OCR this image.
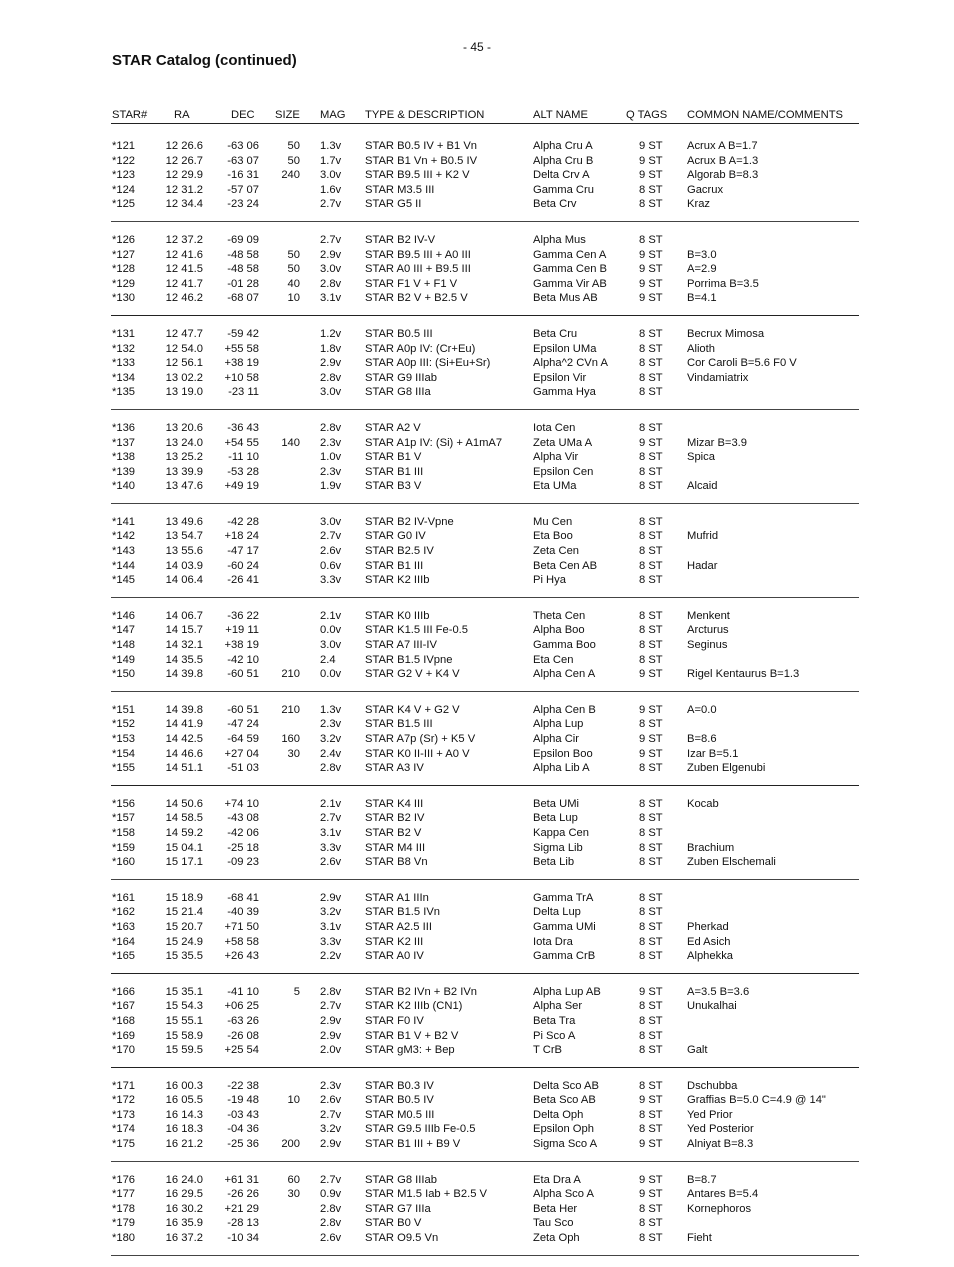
- 45 -
STAR Catalog (continued)
STAR# RA	DEC SIZE MAG TYPE & DESCRIPTION	ALT NAME	Q TAGS COMMON NAME/COMMENTS
*121	12 26.6	-63 06	50 1.3v STAR B0.5 IV + B1 Vn	Alpha Cru A	9 ST Acrux A B=1.7
*122	12 26.7	-63 07	50 1.7v STAR B1 Vn + B0.5 IV	Alpha Cru B	9 ST Acrux B A=1.3
*123	12 29.9	-16 31	240 3.0v STAR B9.5 III + K2 V	Delta Crv A	9 ST Algorab B=8.3
*124	12 31.2	-57 07	1.6v STAR M3.5 III	Gamma Cru	8 ST Gacrux
*125	12 34.4	-23 24	2.7v STAR G5 II	Beta Crv	8 ST Kraz
*126	12 37.2	-69 09	2.7v STAR B2 IV-V	Alpha Mus	8 ST
*127	12 41.6	-48 58	50 2.9v STAR B9.5 III + A0 III	Gamma Cen A	9 ST B=3.0
*128	12 41.5	-48 58	50 3.0v STAR A0 III + B9.5 III	Gamma Cen B	9 ST A=2.9
*129	12 41.7	-01 28	40 2.8v STAR F1 V + F1 V	Gamma Vir AB	9 ST Porrima B=3.5
*130	12 46.2	-68 07	10 3.1v STAR B2 V + B2.5 V	Beta Mus AB	9 ST B=4.1
*131	12 47.7	-59 42	1.2v STAR B0.5 III	Beta Cru	8 ST Becrux Mimosa
*132	12 54.0	+55 58	1.8v STAR A0p IV: (Cr+Eu)	Epsilon UMa	8 ST Alioth
*133	12 56.1	+38 19	2.9v STAR A0p III: (Si+Eu+Sr)	Alpha^2 CVn A	8 ST Cor Caroli B=5.6 F0 V
*134	13 02.2	+10 58	2.8v STAR G9 IIIab	Epsilon Vir	8 ST Vindamiatrix
*135	13 19.0	-23 11	3.0v STAR G8 IIIa	Gamma Hya	8 ST
*136	13 20.6	-36 43	2.8v STAR A2 V	Iota Cen	8 ST
*137	13 24.0	+54 55	140 2.3v STAR A1p IV: (Si) + A1mA7	Zeta UMa A	9 ST Mizar B=3.9
*138	13 25.2	-11 10	1.0v STAR B1 V	Alpha Vir	8 ST Spica
*139	13 39.9	-53 28	2.3v STAR B1 III	Epsilon Cen	8 ST
*140	13 47.6	+49 19	1.9v STAR B3 V	Eta UMa	8 ST Alcaid
*141	13 49.6	-42 28	3.0v STAR B2 IV-Vpne	Mu Cen	8 ST
*142	13 54.7	+18 24	2.7v STAR G0 IV	Eta Boo	8 ST Mufrid
*143	13 55.6	-47 17	2.6v STAR B2.5 IV	Zeta Cen	8 ST
*144	14 03.9	-60 24	0.6v STAR B1 III	Beta Cen AB	8 ST Hadar
*145	14 06.4	-26 41	3.3v STAR K2 IIIb	Pi Hya	8 ST
*146	14 06.7	-36 22	2.1v STAR K0 IIIb	Theta Cen	8 ST Menkent
*147	14 15.7	+19 11	0.0v STAR K1.5 III Fe-0.5	Alpha Boo	8 ST Arcturus
*148	14 32.1	+38 19	3.0v STAR A7 III-IV	Gamma Boo	8 ST Seginus
*149	14 35.5	-42 10	2.4	STAR B1.5 IVpne	Eta Cen	8 ST
*150	14 39.8	-60 51	210 0.0v STAR G2 V + K4 V	Alpha Cen A	9 ST Rigel Kentaurus B=1.3
*151	14 39.8	-60 51	210 1.3v STAR K4 V + G2 V	Alpha Cen B	9 ST A=0.0
*152	14 41.9	-47 24	2.3v STAR B1.5 III	Alpha Lup	8 ST
*153	14 42.5	-64 59	160 3.2v STAR A7p (Sr) + K5 V	Alpha Cir	9 ST B=8.6
*154	14 46.6	+27 04	30 2.4v STAR K0 II-III + A0 V	Epsilon Boo	9 ST Izar B=5.1
*155	14 51.1	-51 03	2.8v STAR A3 IV	Alpha Lib A	8 ST Zuben Elgenubi
*156	14 50.6	+74 10	2.1v STAR K4 III	Beta UMi	8 ST Kocab
*157	14 58.5	-43 08	2.7v STAR B2 IV	Beta Lup	8 ST
*158	14 59.2	-42 06	3.1v STAR B2 V	Kappa Cen	8 ST
*159	15 04.1	-25 18	3.3v STAR M4 III	Sigma Lib	8 ST Brachium
*160	15 17.1	-09 23	2.6v STAR B8 Vn	Beta Lib	8 ST Zuben Elschemali
*161	15 18.9	-68 41	2.9v STAR A1 IIIn	Gamma TrA	8 ST
*162	15 21.4	-40 39	3.2v STAR B1.5 IVn	Delta Lup	8 ST
*163	15 20.7	+71 50	3.1v STAR A2.5 III	Gamma UMi	8 ST Pherkad
*164	15 24.9	+58 58	3.3v STAR K2 III	Iota Dra	8 ST Ed Asich
*165	15 35.5	+26 43	2.2v STAR A0 IV	Gamma CrB	8 ST Alphekka
*166	15 35.1	-41 10	5 2.8v STAR B2 IVn + B2 IVn	Alpha Lup AB	9 ST A=3.5 B=3.6
*167	15 54.3	+06 25	2.7v STAR K2 IIIb (CN1)	Alpha Ser	8 ST Unukalhai
*168	15 55.1	-63 26	2.9v STAR F0 IV	Beta Tra	8 ST
*169	15 58.9	-26 08	2.9v STAR B1 V + B2 V	Pi Sco A	8 ST
*170	15 59.5	+25 54	2.0v STAR gM3: + Bep	T CrB	8 ST Galt
*171	16 00.3	-22 38	2.3v STAR B0.3 IV	Delta Sco AB	8 ST Dschubba
*172	16 05.5	-19 48	10 2.6v STAR B0.5 IV	Beta Sco AB	9 ST Graffias B=5.0 C=4.9 @ 14"
*173	16 14.3	-03 43	2.7v STAR M0.5 III	Delta Oph	8 ST Yed Prior
*174	16 18.3	-04 36	3.2v STAR G9.5 IIIb Fe-0.5	Epsilon Oph	8 ST Yed Posterior
*175	16 21.2	-25 36	200 2.9v STAR B1 III + B9 V	Sigma Sco A	9 ST Alniyat B=8.3
*176	16 24.0	+61 31	60 2.7v STAR G8 IIIab	Eta Dra A	9 ST B=8.7
*177	16 29.5	-26 26	30 0.9v STAR M1.5 Iab + B2.5 V	Alpha Sco A	9 ST Antares B=5.4
*178	16 30.2	+21 29	2.8v STAR G7 IIIa	Beta Her	8 ST Kornephoros
*179	16 35.9	-28 13	2.8v STAR B0 V	Tau Sco	8 ST
*180	16 37.2	-10 34	2.6v STAR O9.5 Vn	Zeta Oph	8 ST Fieht
